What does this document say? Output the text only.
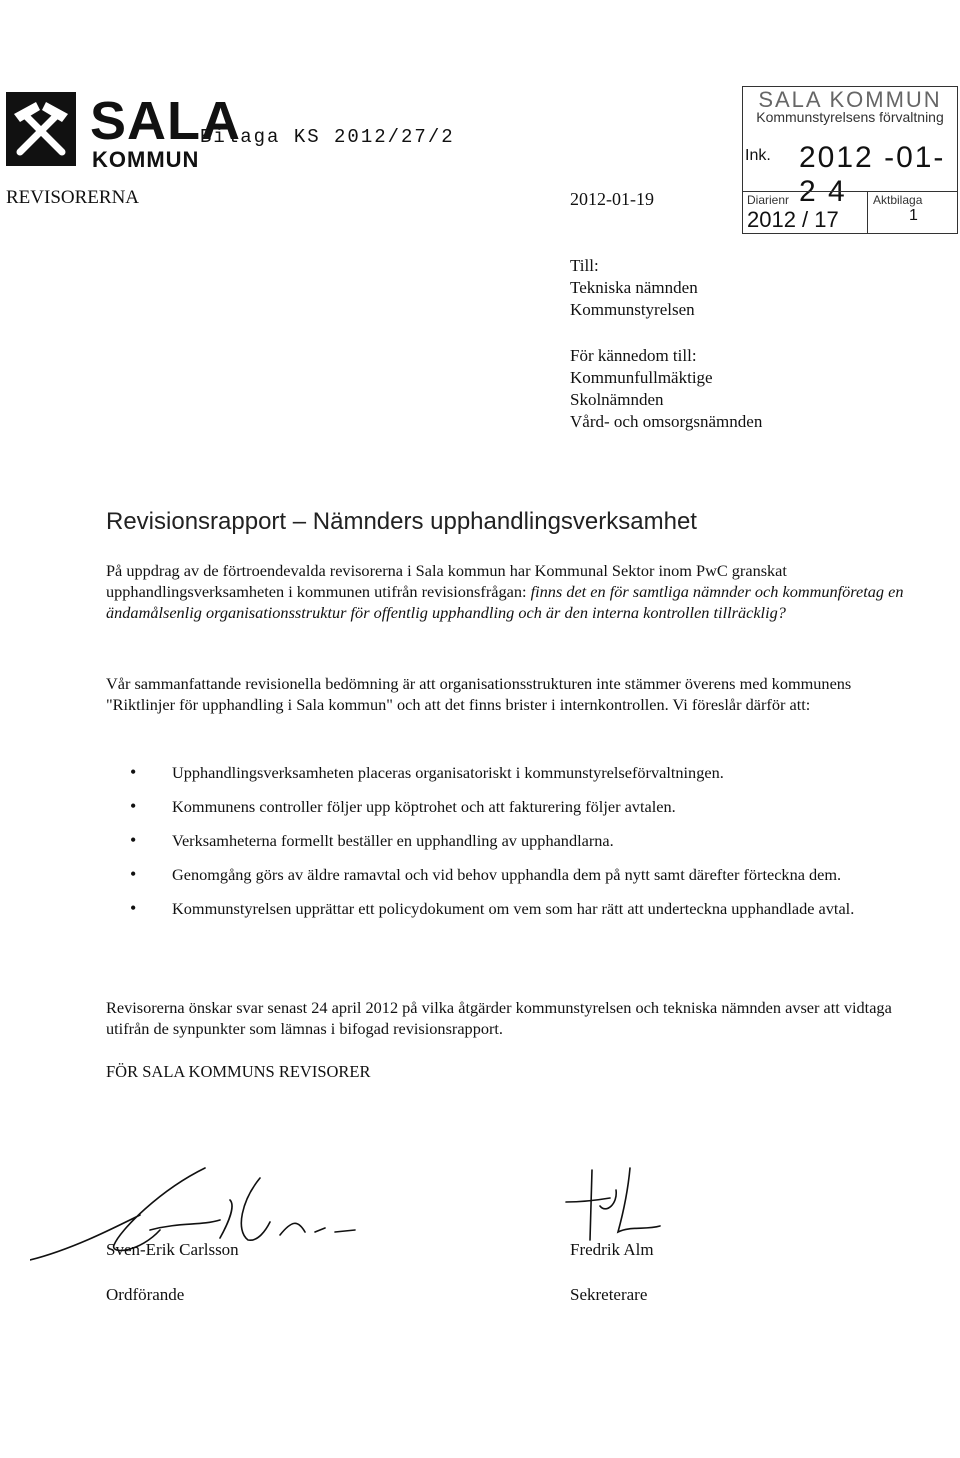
SALA
KOMMUN
Bilaga KS 2012/27/2
REVISORERNA	2012-01-19
SALA KOMMUN
Kommunstyrelsens förvaltning
Ink. 2012 -01- 2 4
Diarienr	Aktbilaga
2012 / 17	1
Till:
Tekniska nämnden
Kommunstyrelsen
För kännedom till:
Kommunfullmäktige
Skolnämnden
Vård- och omsorgsnämnden
Revisionsrapport – Nämnders upphandlingsverksamhet
På uppdrag av de förtroendevalda revisorerna i Sala kommun har Kommunal Sektor inom PwC granskat upphandlingsverksamheten i kommunen utifrån revisionsfrågan: finns det en för samtliga nämnder och kommunföretag en ändamålsenlig organisationsstruktur för offentlig upphandling och är den interna kontrollen tillräcklig?
Vår sammanfattande revisionella bedömning är att organisationsstrukturen inte stämmer överens med kommunens "Riktlinjer för upphandling i Sala kommun" och att det finns brister i internkontrollen. Vi föreslår därför att:
• Upphandlingsverksamheten placeras organisatoriskt i kommunstyrelseförvaltningen.
• Kommunens controller följer upp köptrohet och att fakturering följer avtalen.
• Verksamheterna formellt beställer en upphandling av upphandlarna.
• Genomgång görs av äldre ramavtal och vid behov upphandla dem på nytt samt därefter förteckna dem.
• Kommunstyrelsen upprättar ett policydokument om vem som har rätt att underteckna upphandlade avtal.
Revisorerna önskar svar senast 24 april 2012 på vilka åtgärder kommunstyrelsen och tekniska nämnden avser att vidtaga utifrån de synpunkter som lämnas i bifogad revisionsrapport.
FÖR SALA KOMMUNS REVISORER
Sven-Erik Carlsson
Ordförande
Fredrik Alm
Sekreterare
